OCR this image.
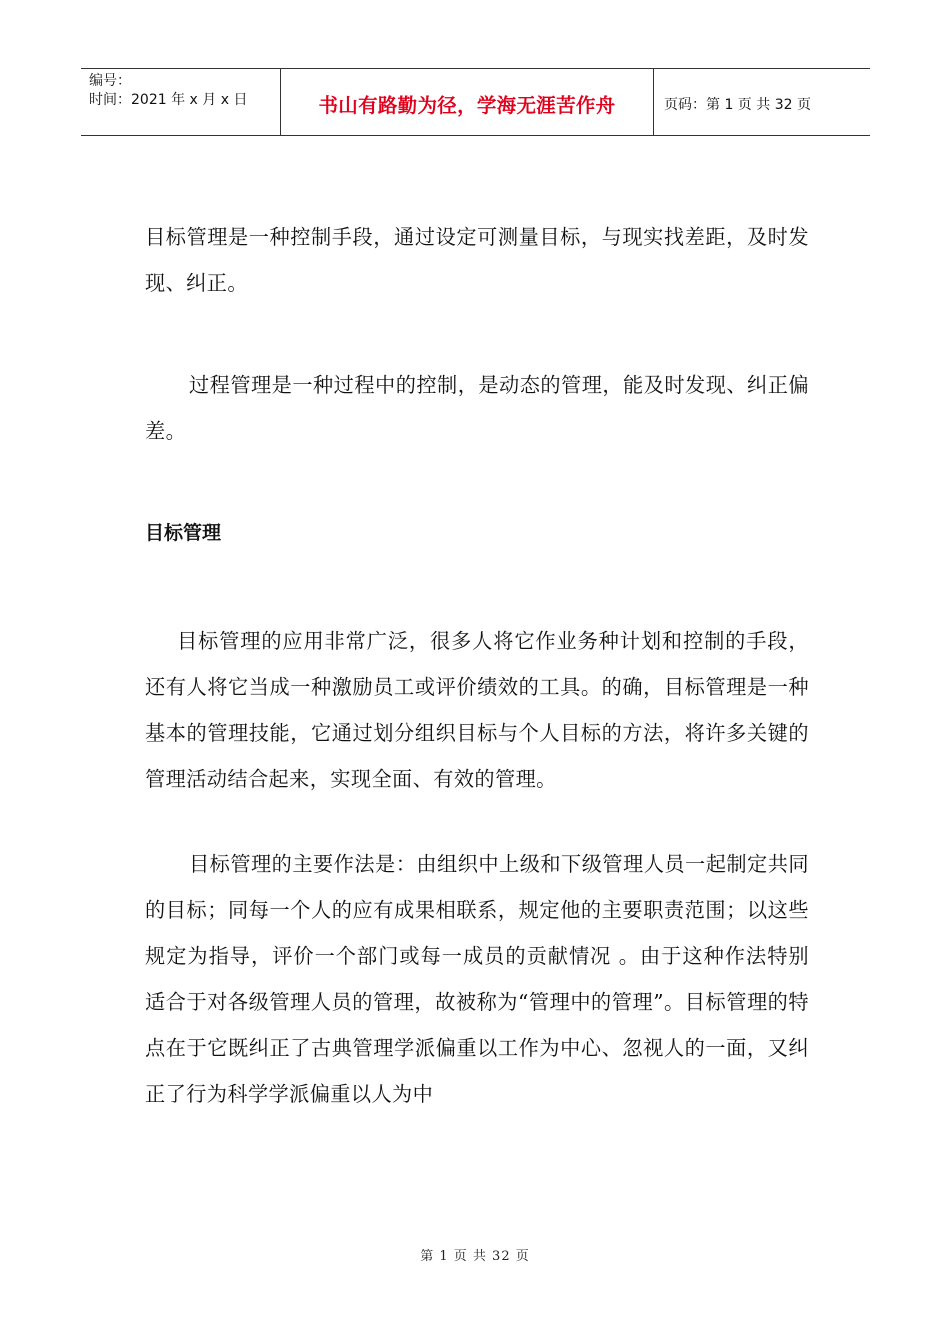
编号：
时间：2021 年 x 月 x 日	书山有路勤为径，学海无涯苦作舟	页码：第 1 页 共 32 页

目标管理是一种控制手段，通过设定可测量目标，与现实找差距，及时发现、纠正。

过程管理是一种过程中的控制，是动态的管理，能及时发现、纠正偏差。

目标管理

目标管理的应用非常广泛，很多人将它作业务种计划和控制的手段，还有人将它当成一种激励员工或评价绩效的工具。的确，目标管理是一种基本的管理技能，它通过划分组织目标与个人目标的方法，将许多关键的管理活动结合起来，实现全面、有效的管理。

目标管理的主要作法是：由组织中上级和下级管理人员一起制定共同的目标；同每一个人的应有成果相联系，规定他的主要职责范围；以这些规定为指导，评价一个部门或每一成员的贡献情况 。由于这种作法特别适合于对各级管理人员的管理，故被称为“管理中的管理”。目标管理的特点在于它既纠正了古典管理学派偏重以工作为中心、忽视人的一面，又纠正了行为科学学派偏重以人为中

第 1 页 共 32 页
